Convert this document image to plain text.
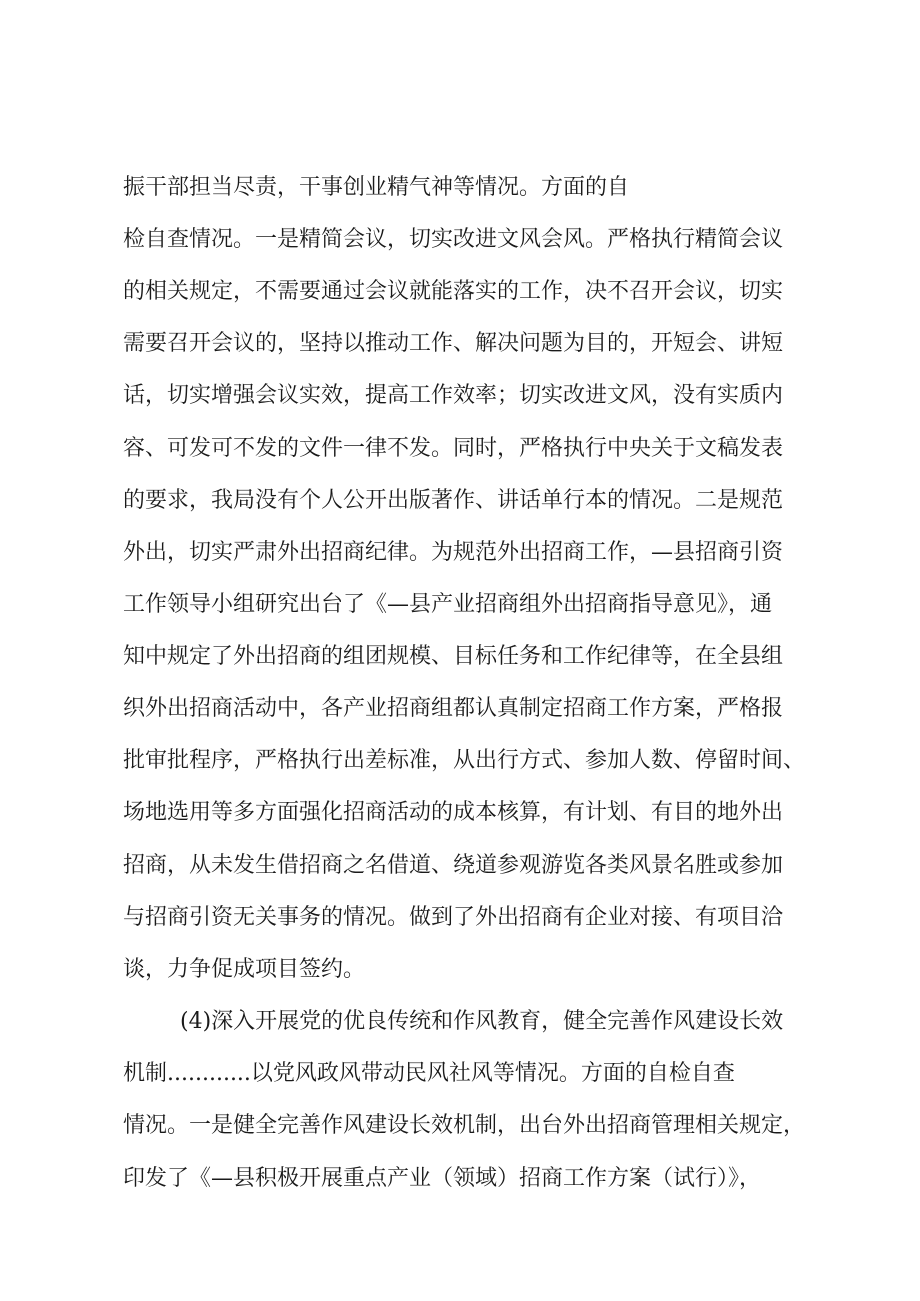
振干部担当尽责，干事创业精气神等情况。方面的自
检自查情况。一是精简会议，切实改进文风会风。严格执行精简会议
的相关规定，不需要通过会议就能落实的工作，决不召开会议，切实
需要召开会议的，坚持以推动工作、解决问题为目的，开短会、讲短
话，切实增强会议实效，提高工作效率；切实改进文风，没有实质内
容、可发可不发的文件一律不发。同时，严格执行中央关于文稿发表
的要求，我局没有个人公开出版著作、讲话单行本的情况。二是规范
外出，切实严肃外出招商纪律。为规范外出招商工作，—县招商引资
工作领导小组研究出台了《—县产业招商组外出招商指导意见》，通
知中规定了外出招商的组团规模、目标任务和工作纪律等，在全县组
织外出招商活动中，各产业招商组都认真制定招商工作方案，严格报
批审批程序，严格执行出差标准，从出行方式、参加人数、停留时间、
场地选用等多方面强化招商活动的成本核算，有计划、有目的地外出
招商，从未发生借招商之名借道、绕道参观游览各类风景名胜或参加
与招商引资无关事务的情况。做到了外出招商有企业对接、有项目洽
谈，力争促成项目签约。
(4)深入开展党的优良传统和作风教育，健全完善作风建设长效
机制............以党风政风带动民风社风等情况。方面的自检自查
情况。一是健全完善作风建设长效机制，出台外出招商管理相关规定，
印发了《—县积极开展重点产业（领域）招商工作方案（试行）》，
